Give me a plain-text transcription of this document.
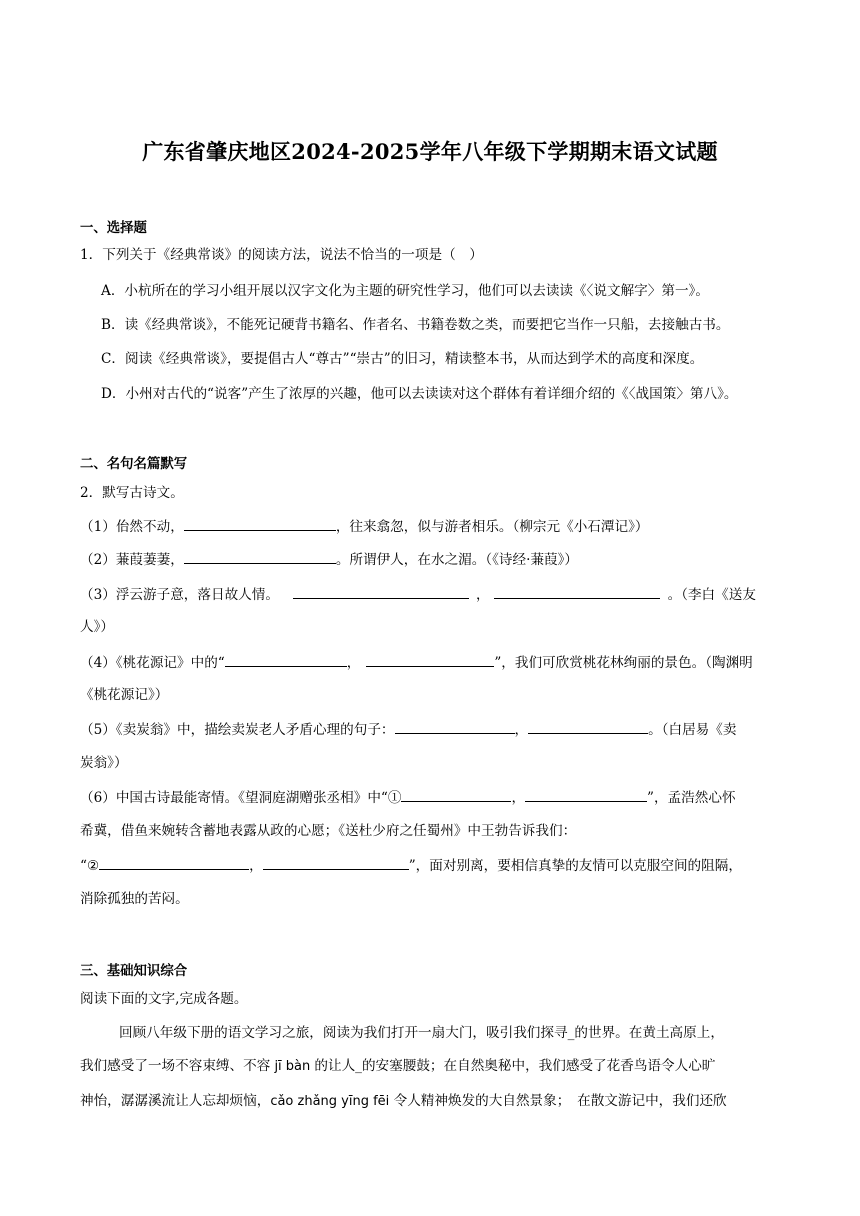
广东省肇庆地区2024-2025学年八年级下学期期末语文试题
一、选择题
1．下列关于《经典常谈》的阅读方法，说法不恰当的一项是（　）
A．小杭所在的学习小组开展以汉字文化为主题的研究性学习，他们可以去读读《〈说文解字〉第一》。
B．读《经典常谈》，不能死记硬背书籍名、作者名、书籍卷数之类，而要把它当作一只船，去接触古书。
C．阅读《经典常谈》，要提倡古人“尊古”“崇古”的旧习，精读整本书，从而达到学术的高度和深度。
D．小州对古代的“说客”产生了浓厚的兴趣，他可以去读读对这个群体有着详细介绍的《〈战国策〉第八》。
二、名句名篇默写
2．默写古诗文。
（1）佁然不动，	，往来翕忽，似与游者相乐。（柳宗元《小石潭记》）
（2）蒹葭萋萋，	。所谓伊人，在水之湄。（《诗经·蒹葭》）
（3）浮云游子意，落日故人情。	，	。（李白《送友
人》）
（4）《桃花源记》中的“	，	”，我们可欣赏桃花林绚丽的景色。（陶渊明
《桃花源记》）
（5）《卖炭翁》中，描绘卖炭老人矛盾心理的句子：	，	。（白居易《卖
炭翁》）
（6）中国古诗最能寄情。《望洞庭湖赠张丞相》中“①	，	”，孟浩然心怀
希冀，借鱼来婉转含蓄地表露从政的心愿；《送杜少府之任蜀州》中王勃告诉我们：
“②	，	”，面对别离，要相信真挚的友情可以克服空间的阻隔，
消除孤独的苦闷。
三、基础知识综合
阅读下面的文字,完成各题。
回顾八年级下册的语文学习之旅，阅读为我们打开一扇大门，吸引我们探寻_的世界。在黄土高原上，
我们感受了一场不容束缚、不容 jī bàn 的让人_的安塞腰鼓；在自然奥秘中，我们感受了花香鸟语令人心旷
神怡，潺潺溪流让人忘却烦恼，cǎo zhǎng yīng fēi 令人精神焕发的大自然景象；　在散文游记中，我们还欣
